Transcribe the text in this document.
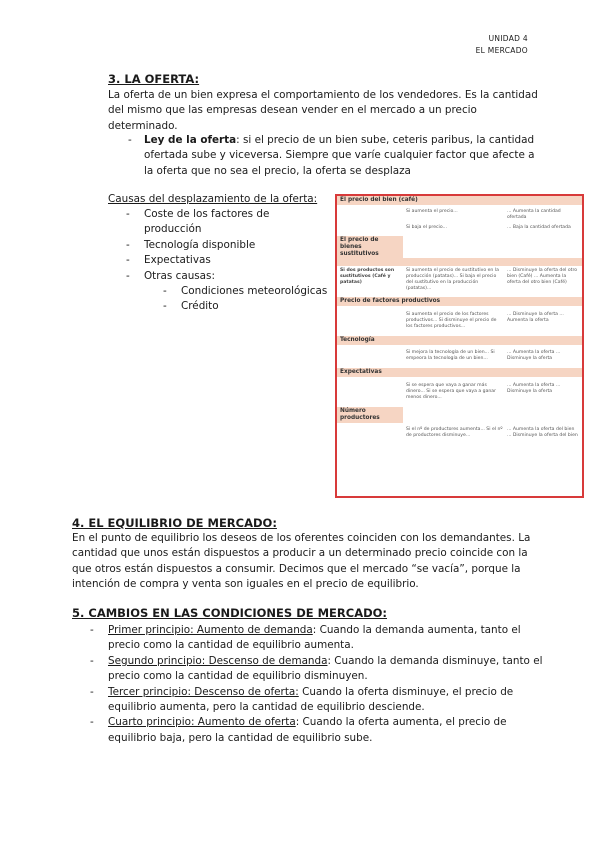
UNIDAD 4
EL MERCADO
3. LA OFERTA:
La oferta de un bien expresa el comportamiento de los vendedores. Es la cantidad
del mismo que las empresas desean vender en el mercado a un precio
determinado.
- Ley de la oferta: si el precio de un bien sube, ceteris paribus, la cantidad
ofertada sube y viceversa. Siempre que varíe cualquier factor que afecte a
la oferta que no sea el precio, la oferta se desplaza
Causas del desplazamiento de la oferta:
- Coste de los factores de
producción
- Tecnología disponible
- Expectativas
- Otras causas:
- Condiciones meteorológicas
- Crédito
El precio del bien (café)
Si aumenta el precio...	... Aumenta la cantidad ofertada
Si baja el precio...	... Baja la cantidad ofertada
El precio de bienes sustitutivos
Si dos productos son sustitutivos (Café y patatas)
Si aumenta el precio de sustitutivo en la producción (patatas)... Si baja el precio del sustitutivo en la producción (patatas)...
... Disminuye la oferta del otro bien (Café) ... Aumenta la oferta del otro bien (Café)
Precio de factores productivos
Si aumenta el precio de los factores productivos... Si disminuye el precio de los factores productivos...
... Disminuye la oferta ... Aumenta la oferta
Tecnología
Si mejora la tecnología de un bien... Si empeora la tecnología de un bien...
... Aumenta la oferta ... Disminuye la oferta
Expectativas
Si se espera que vaya a ganar más dinero... Si se espera que vaya a ganar menos dinero...
... Aumenta la oferta ... Disminuye la oferta
Número productores
Si el nº de productores aumenta... Si el nº de productores disminuye...
... Aumenta la oferta del bien ... Disminuye la oferta del bien
4. EL EQUILIBRIO DE MERCADO:
En el punto de equilibrio los deseos de los oferentes coinciden con los demandantes. La
cantidad que unos están dispuestos a producir a un determinado precio coincide con la
que otros están dispuestos a consumir. Decimos que el mercado “se vacía”, porque la
intención de compra y venta son iguales en el precio de equilibrio.
5. CAMBIOS EN LAS CONDICIONES DE MERCADO:
- Primer principio: Aumento de demanda: Cuando la demanda aumenta, tanto el
precio como la cantidad de equilibrio aumenta.
- Segundo principio: Descenso de demanda: Cuando la demanda disminuye, tanto el
precio como la cantidad de equilibrio disminuyen.
- Tercer principio: Descenso de oferta: Cuando la oferta disminuye, el precio de
equilibrio aumenta, pero la cantidad de equilibrio desciende.
- Cuarto principio: Aumento de oferta: Cuando la oferta aumenta, el precio de
equilibrio baja, pero la cantidad de equilibrio sube.
